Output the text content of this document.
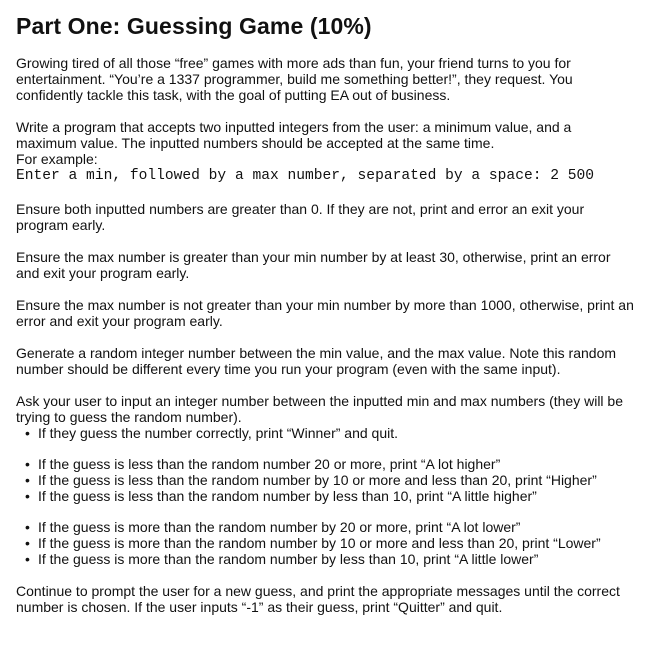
Part One: Guessing Game (10%)

Growing tired of all those “free” games with more ads than fun, your friend turns to you for entertainment. “You’re a 1337 programmer, build me something better!”, they request. You confidently tackle this task, with the goal of putting EA out of business.

Write a program that accepts two inputted integers from the user: a minimum value, and a maximum value. The inputted numbers should be accepted at the same time.

For example:

Enter a min, followed by a max number, separated by a space: 2 500

Ensure both inputted numbers are greater than 0. If they are not, print and error an exit your program early.

Ensure the max number is greater than your min number by at least 30, otherwise, print an error and exit your program early.

Ensure the max number is not greater than your min number by more than 1000, otherwise, print an error and exit your program early.

Generate a random integer number between the min value, and the max value. Note this random number should be different every time you run your program (even with the same input).

Ask your user to input an integer number between the inputted min and max numbers (they will be trying to guess the random number).

• If they guess the number correctly, print “Winner” and quit.
• If the guess is less than the random number 20 or more, print “A lot higher”
• If the guess is less than the random number by 10 or more and less than 20, print “Higher”
• If the guess is less than the random number by less than 10, print “A little higher”
• If the guess is more than the random number by 20 or more, print “A lot lower”
• If the guess is more than the random number by 10 or more and less than 20, print “Lower”
• If the guess is more than the random number by less than 10, print “A little lower”

Continue to prompt the user for a new guess, and print the appropriate messages until the correct number is chosen. If the user inputs “-1” as their guess, print “Quitter” and quit.
